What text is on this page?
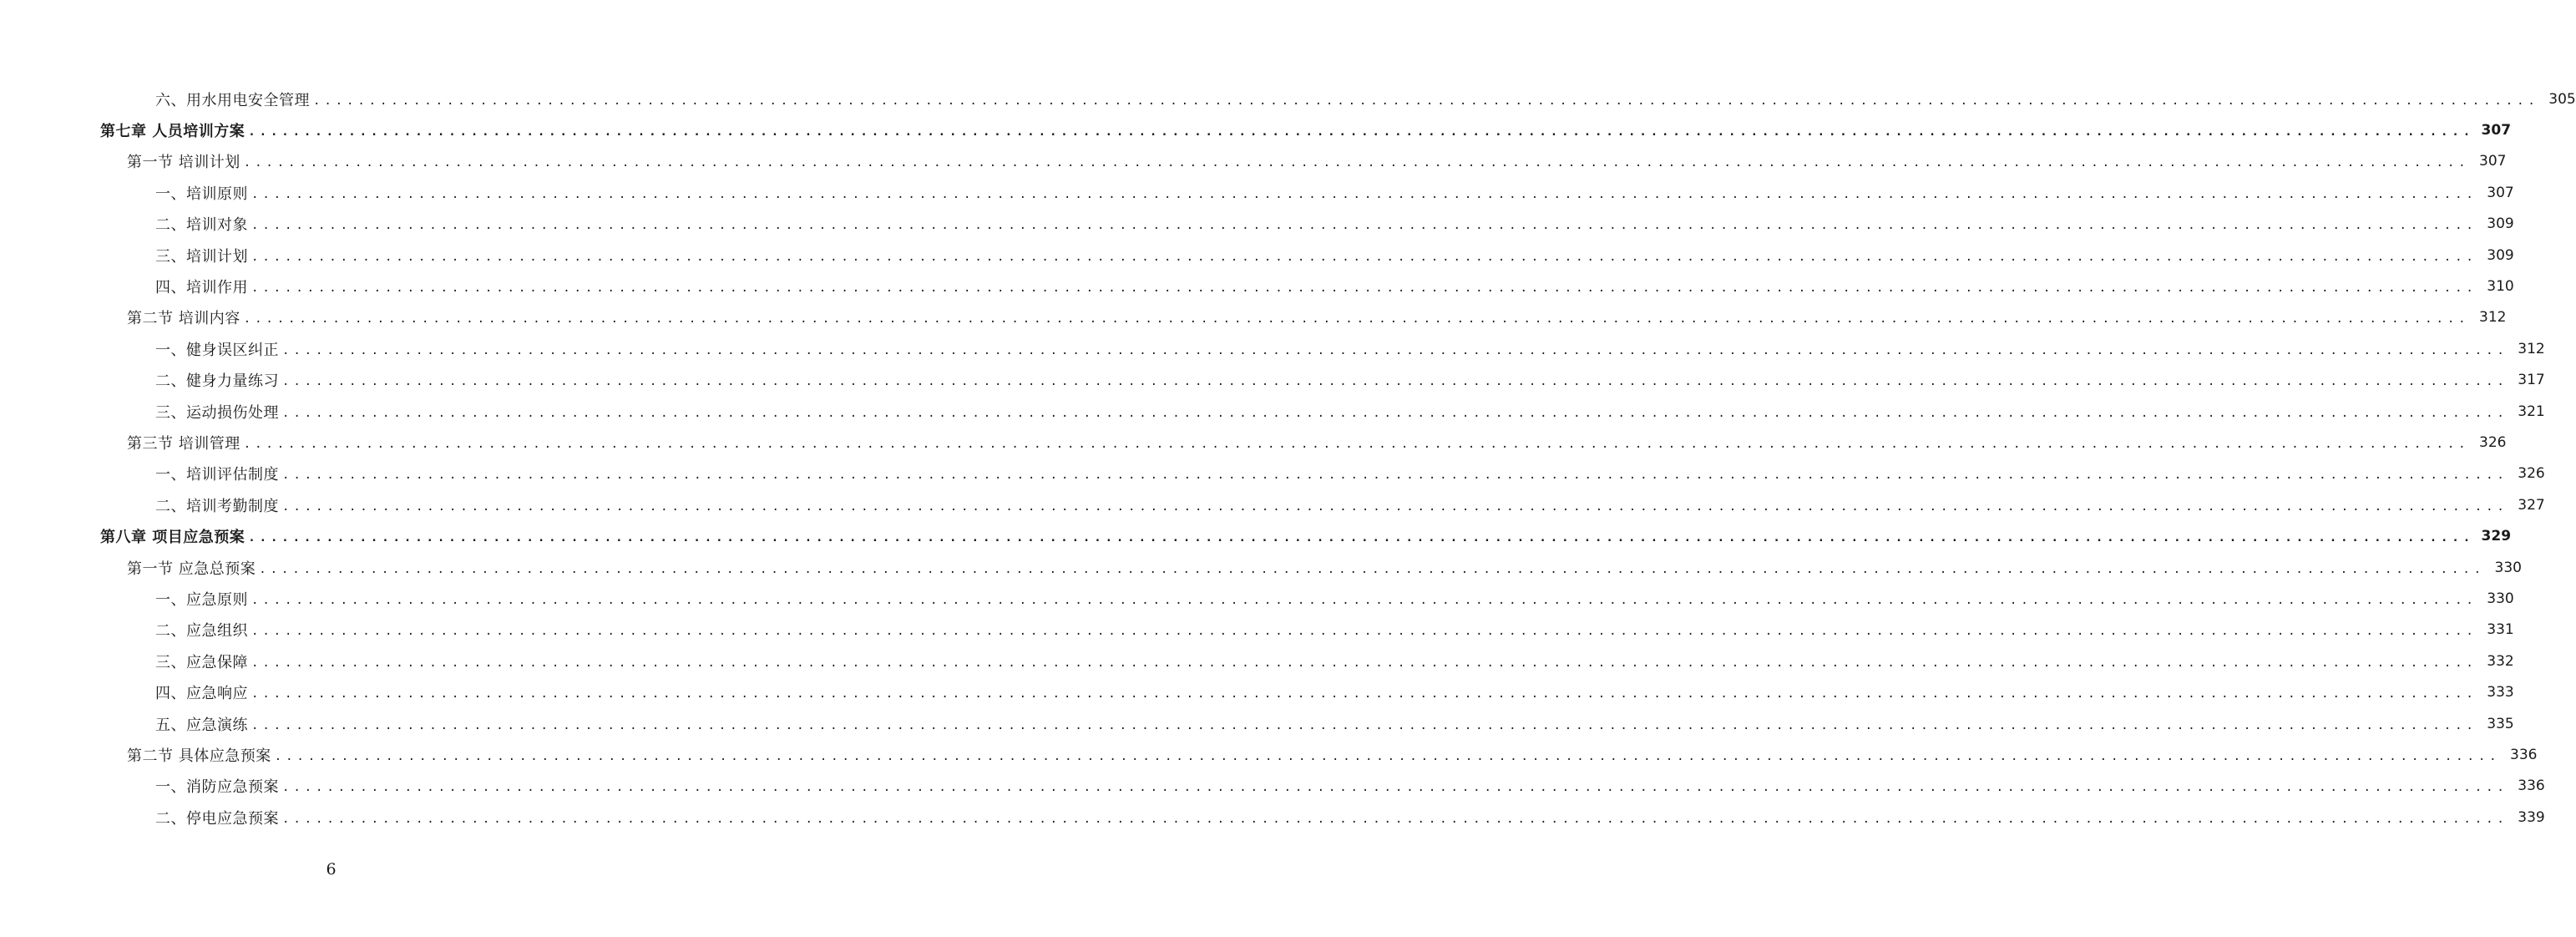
六、用水用电安全管理 ........................................................................................................................................................................................................ 305
第七章 人员培训方案 ........................................................................................................................................................................................................ 307
第一节 培训计划 ........................................................................................................................................................................................................ 307
一、培训原则 ........................................................................................................................................................................................................ 307
二、培训对象 ........................................................................................................................................................................................................ 309
三、培训计划 ........................................................................................................................................................................................................ 309
四、培训作用 ........................................................................................................................................................................................................ 310
第二节 培训内容 ........................................................................................................................................................................................................ 312
一、健身误区纠正 ........................................................................................................................................................................................................ 312
二、健身力量练习 ........................................................................................................................................................................................................ 317
三、运动损伤处理 ........................................................................................................................................................................................................ 321
第三节 培训管理 ........................................................................................................................................................................................................ 326
一、培训评估制度 ........................................................................................................................................................................................................ 326
二、培训考勤制度 ........................................................................................................................................................................................................ 327
第八章 项目应急预案 ........................................................................................................................................................................................................ 329
第一节 应急总预案 ........................................................................................................................................................................................................ 330
一、应急原则 ........................................................................................................................................................................................................ 330
二、应急组织 ........................................................................................................................................................................................................ 331
三、应急保障 ........................................................................................................................................................................................................ 332
四、应急响应 ........................................................................................................................................................................................................ 333
五、应急演练 ........................................................................................................................................................................................................ 335
第二节 具体应急预案 ........................................................................................................................................................................................................ 336
一、消防应急预案 ........................................................................................................................................................................................................ 336
二、停电应急预案 ........................................................................................................................................................................................................ 339
6
